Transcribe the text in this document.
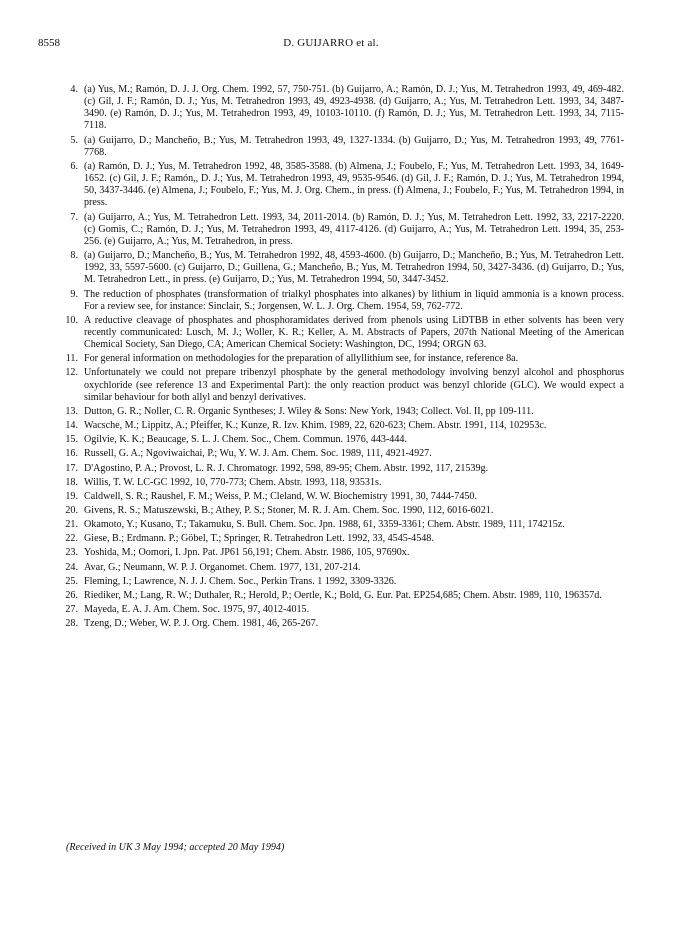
8558	D. GUIJARRO et al.
4. (a) Yus, M.; Ramón, D. J. J. Org. Chem. 1992, 57, 750-751. (b) Guijarro, A.; Ramón, D. J.; Yus, M. Tetrahedron 1993, 49, 469-482. (c) Gil, J. F.; Ramón, D. J.; Yus, M. Tetrahedron 1993, 49, 4923-4938. (d) Guijarro, A.; Yus, M. Tetrahedron Lett. 1993, 34, 3487-3490. (e) Ramón, D. J.; Yus, M. Tetrahedron 1993, 49, 10103-10110. (f) Ramón, D. J.; Yus, M. Tetrahedron Lett. 1993, 34, 7115-7118.
5. (a) Guijarro, D.; Mancheño, B.; Yus, M. Tetrahedron 1993, 49, 1327-1334. (b) Guijarro, D.; Yus, M. Tetrahedron 1993, 49, 7761-7768.
6. (a) Ramón, D. J.; Yus, M. Tetrahedron 1992, 48, 3585-3588. (b) Almena, J.; Foubelo, F.; Yus, M. Tetrahedron Lett. 1993, 34, 1649-1652. (c) Gil, J. F.; Ramón,, D. J.; Yus, M. Tetrahedron 1993, 49, 9535-9546. (d) Gil, J. F.; Ramón, D. J.; Yus, M. Tetrahedron 1994, 50, 3437-3446. (e) Almena, J.; Foubelo, F.; Yus, M. J. Org. Chem., in press. (f) Almena, J.; Foubelo, F.; Yus, M. Tetrahedron 1994, in press.
7. (a) Guijarro, A.; Yus, M. Tetrahedron Lett. 1993, 34, 2011-2014. (b) Ramón, D. J.; Yus, M. Tetrahedron Lett. 1992, 33, 2217-2220. (c) Gomis, C.; Ramón, D. J.; Yus, M. Tetrahedron 1993, 49, 4117-4126. (d) Guijarro, A.; Yus, M. Tetrahedron Lett. 1994, 35, 253-256. (e) Guijarro, A.; Yus, M. Tetrahedron, in press.
8. (a) Guijarro, D.; Mancheño, B.; Yus, M. Tetrahedron 1992, 48, 4593-4600. (b) Guijarro, D.; Mancheño, B.; Yus, M. Tetrahedron Lett. 1992, 33, 5597-5600. (c) Guijarro, D.; Guillena, G.; Mancheño, B.; Yus, M. Tetrahedron 1994, 50, 3427-3436. (d) Guijarro, D.; Yus, M. Tetrahedron Lett., in press. (e) Guijarro, D.; Yus, M. Tetrahedron 1994, 50, 3447-3452.
9. The reduction of phosphates (transformation of trialkyl phosphates into alkanes) by lithium in liquid ammonia is a known process. For a review see, for instance: Sinclair, S.; Jorgensen, W. L. J. Org. Chem. 1954, 59, 762-772.
10. A reductive cleavage of phosphates and phosphoramidates derived from phenols using LiDTBB in ether solvents has been very recently communicated: Lusch, M. J.; Woller, K. R.; Keller, A. M. Abstracts of Papers, 207th National Meeting of the American Chemical Society, San Diego, CA; American Chemical Society: Washington, DC, 1994; ORGN 63.
11. For general information on methodologies for the preparation of allyllithium see, for instance, reference 8a.
12. Unfortunately we could not prepare tribenzyl phosphate by the general methodology involving benzyl alcohol and phosphorus oxychloride (see reference 13 and Experimental Part): the only reaction product was benzyl chloride (GLC). We would expect a similar behaviour for both allyl and benzyl derivatives.
13. Dutton, G. R.; Noller, C. R. Organic Syntheses; J. Wiley & Sons: New York, 1943; Collect. Vol. II, pp 109-111.
14. Wacsche, M.; Lippitz, A.; Pfeiffer, K.; Kunze, R. Izv. Khim. 1989, 22, 620-623; Chem. Abstr. 1991, 114, 102953c.
15. Ogilvie, K. K.; Beaucage, S. L. J. Chem. Soc., Chem. Commun. 1976, 443-444.
16. Russell, G. A.; Ngoviwaichai, P.; Wu, Y. W. J. Am. Chem. Soc. 1989, 111, 4921-4927.
17. D'Agostino, P. A.; Provost, L. R. J. Chromatogr. 1992, 598, 89-95; Chem. Abstr. 1992, 117, 21539g.
18. Willis, T. W. LC-GC 1992, 10, 770-773; Chem. Abstr. 1993, 118, 93531s.
19. Caldwell, S. R.; Raushel, F. M.; Weiss, P. M.; Cleland, W. W. Biochemistry 1991, 30, 7444-7450.
20. Givens, R. S.; Matuszewski, B.; Athey, P. S.; Stoner, M. R. J. Am. Chem. Soc. 1990, 112, 6016-6021.
21. Okamoto, Y.; Kusano, T.; Takamuku, S. Bull. Chem. Soc. Jpn. 1988, 61, 3359-3361; Chem. Abstr. 1989, 111, 174215z.
22. Giese, B.; Erdmann. P.; Göbel, T.; Springer, R. Tetrahedron Lett. 1992, 33, 4545-4548.
23. Yoshida, M.; Oomori, I. Jpn. Pat. JP61 56,191; Chem. Abstr. 1986, 105, 97690x.
24. Avar, G.; Neumann, W. P. J. Organomet. Chem. 1977, 131, 207-214.
25. Fleming, I.; Lawrence, N. J. J. Chem. Soc., Perkin Trans. 1 1992, 3309-3326.
26. Riediker, M.; Lang, R. W.; Duthaler, R.; Herold, P.; Oertle, K.; Bold, G. Eur. Pat. EP254,685; Chem. Abstr. 1989, 110, 196357d.
27. Mayeda, E. A. J. Am. Chem. Soc. 1975, 97, 4012-4015.
28. Tzeng, D.; Weber, W. P. J. Org. Chem. 1981, 46, 265-267.
(Received in UK 3 May 1994; accepted 20 May 1994)
